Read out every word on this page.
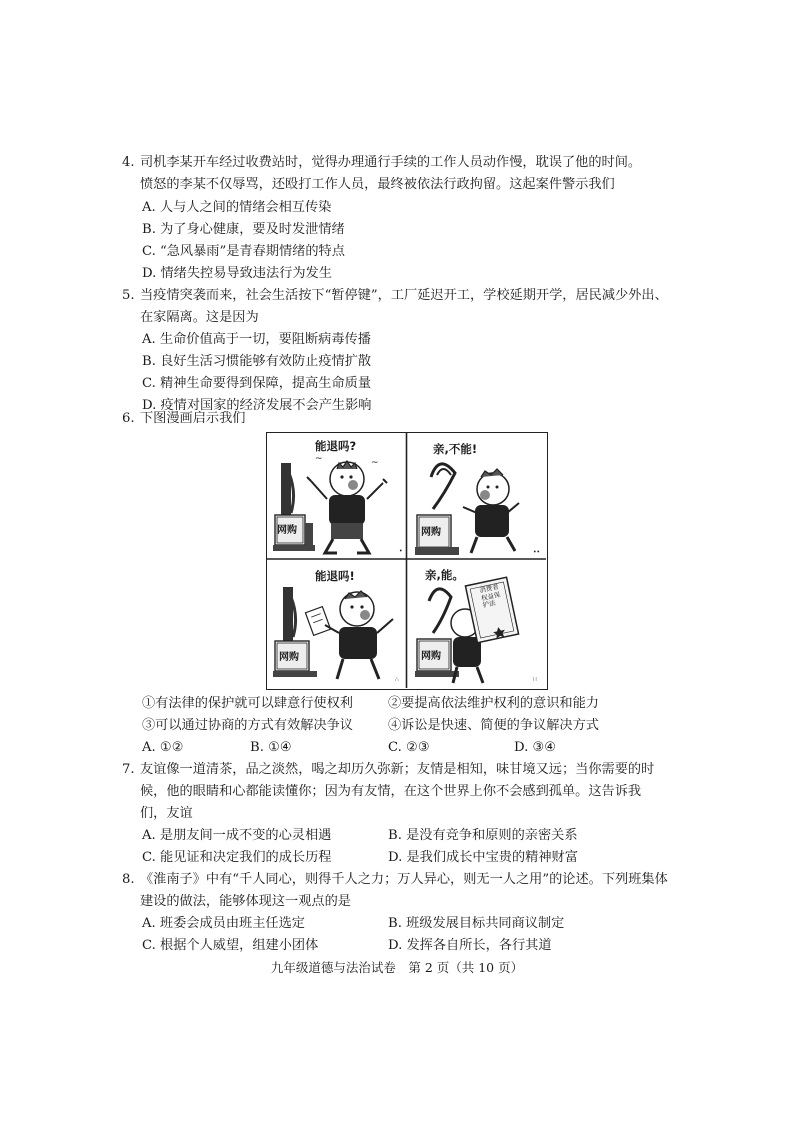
4. 司机李某开车经过收费站时，觉得办理通行手续的工作人员动作慢，耽误了他的时间。
愤怒的李某不仅辱骂，还殴打工作人员，最终被依法行政拘留。这起案件警示我们
A. 人与人之间的情绪会相互传染
B. 为了身心健康，要及时发泄情绪
C. “急风暴雨”是青春期情绪的特点
D. 情绪失控易导致违法行为发生
5. 当疫情突袭而来，社会生活按下“暂停键”，工厂延迟开工，学校延期开学，居民减少外出、
在家隔离。这是因为
A. 生命价值高于一切，要阻断病毒传播
B. 良好生活习惯能够有效防止疫情扩散
C. 精神生命要得到保障，提高生命质量
D. 疫情对国家的经济发展不会产生影响
6. 下图漫画启示我们
~	~
•	••
∴	∷
能退吗?	亲,不能!
能退吗!	亲,能。
网购	网购
网购	网购
消费者权益保护法
①有法律的保护就可以肆意行使权利	②要提高依法维护权利的意识和能力
③可以通过协商的方式有效解决争议	④诉讼是快速、简便的争议解决方式
A. ①②	B. ①④	C. ②③	D. ③④
7. 友谊像一道清茶，品之淡然，喝之却历久弥新；友情是相知，味甘境又远；当你需要的时
候，他的眼睛和心都能读懂你；因为有友情，在这个世界上你不会感到孤单。这告诉我
们，友谊
A. 是朋友间一成不变的心灵相遇	B. 是没有竞争和原则的亲密关系
C. 能见证和决定我们的成长历程	D. 是我们成长中宝贵的精神财富
8. 《淮南子》中有“千人同心，则得千人之力；万人异心，则无一人之用”的论述。下列班集体
建设的做法，能够体现这一观点的是
A. 班委会成员由班主任选定	B. 班级发展目标共同商议制定
C. 根据个人威望，组建小团体	D. 发挥各自所长，各行其道
九年级道德与法治试卷　第 2 页（共 10 页）
